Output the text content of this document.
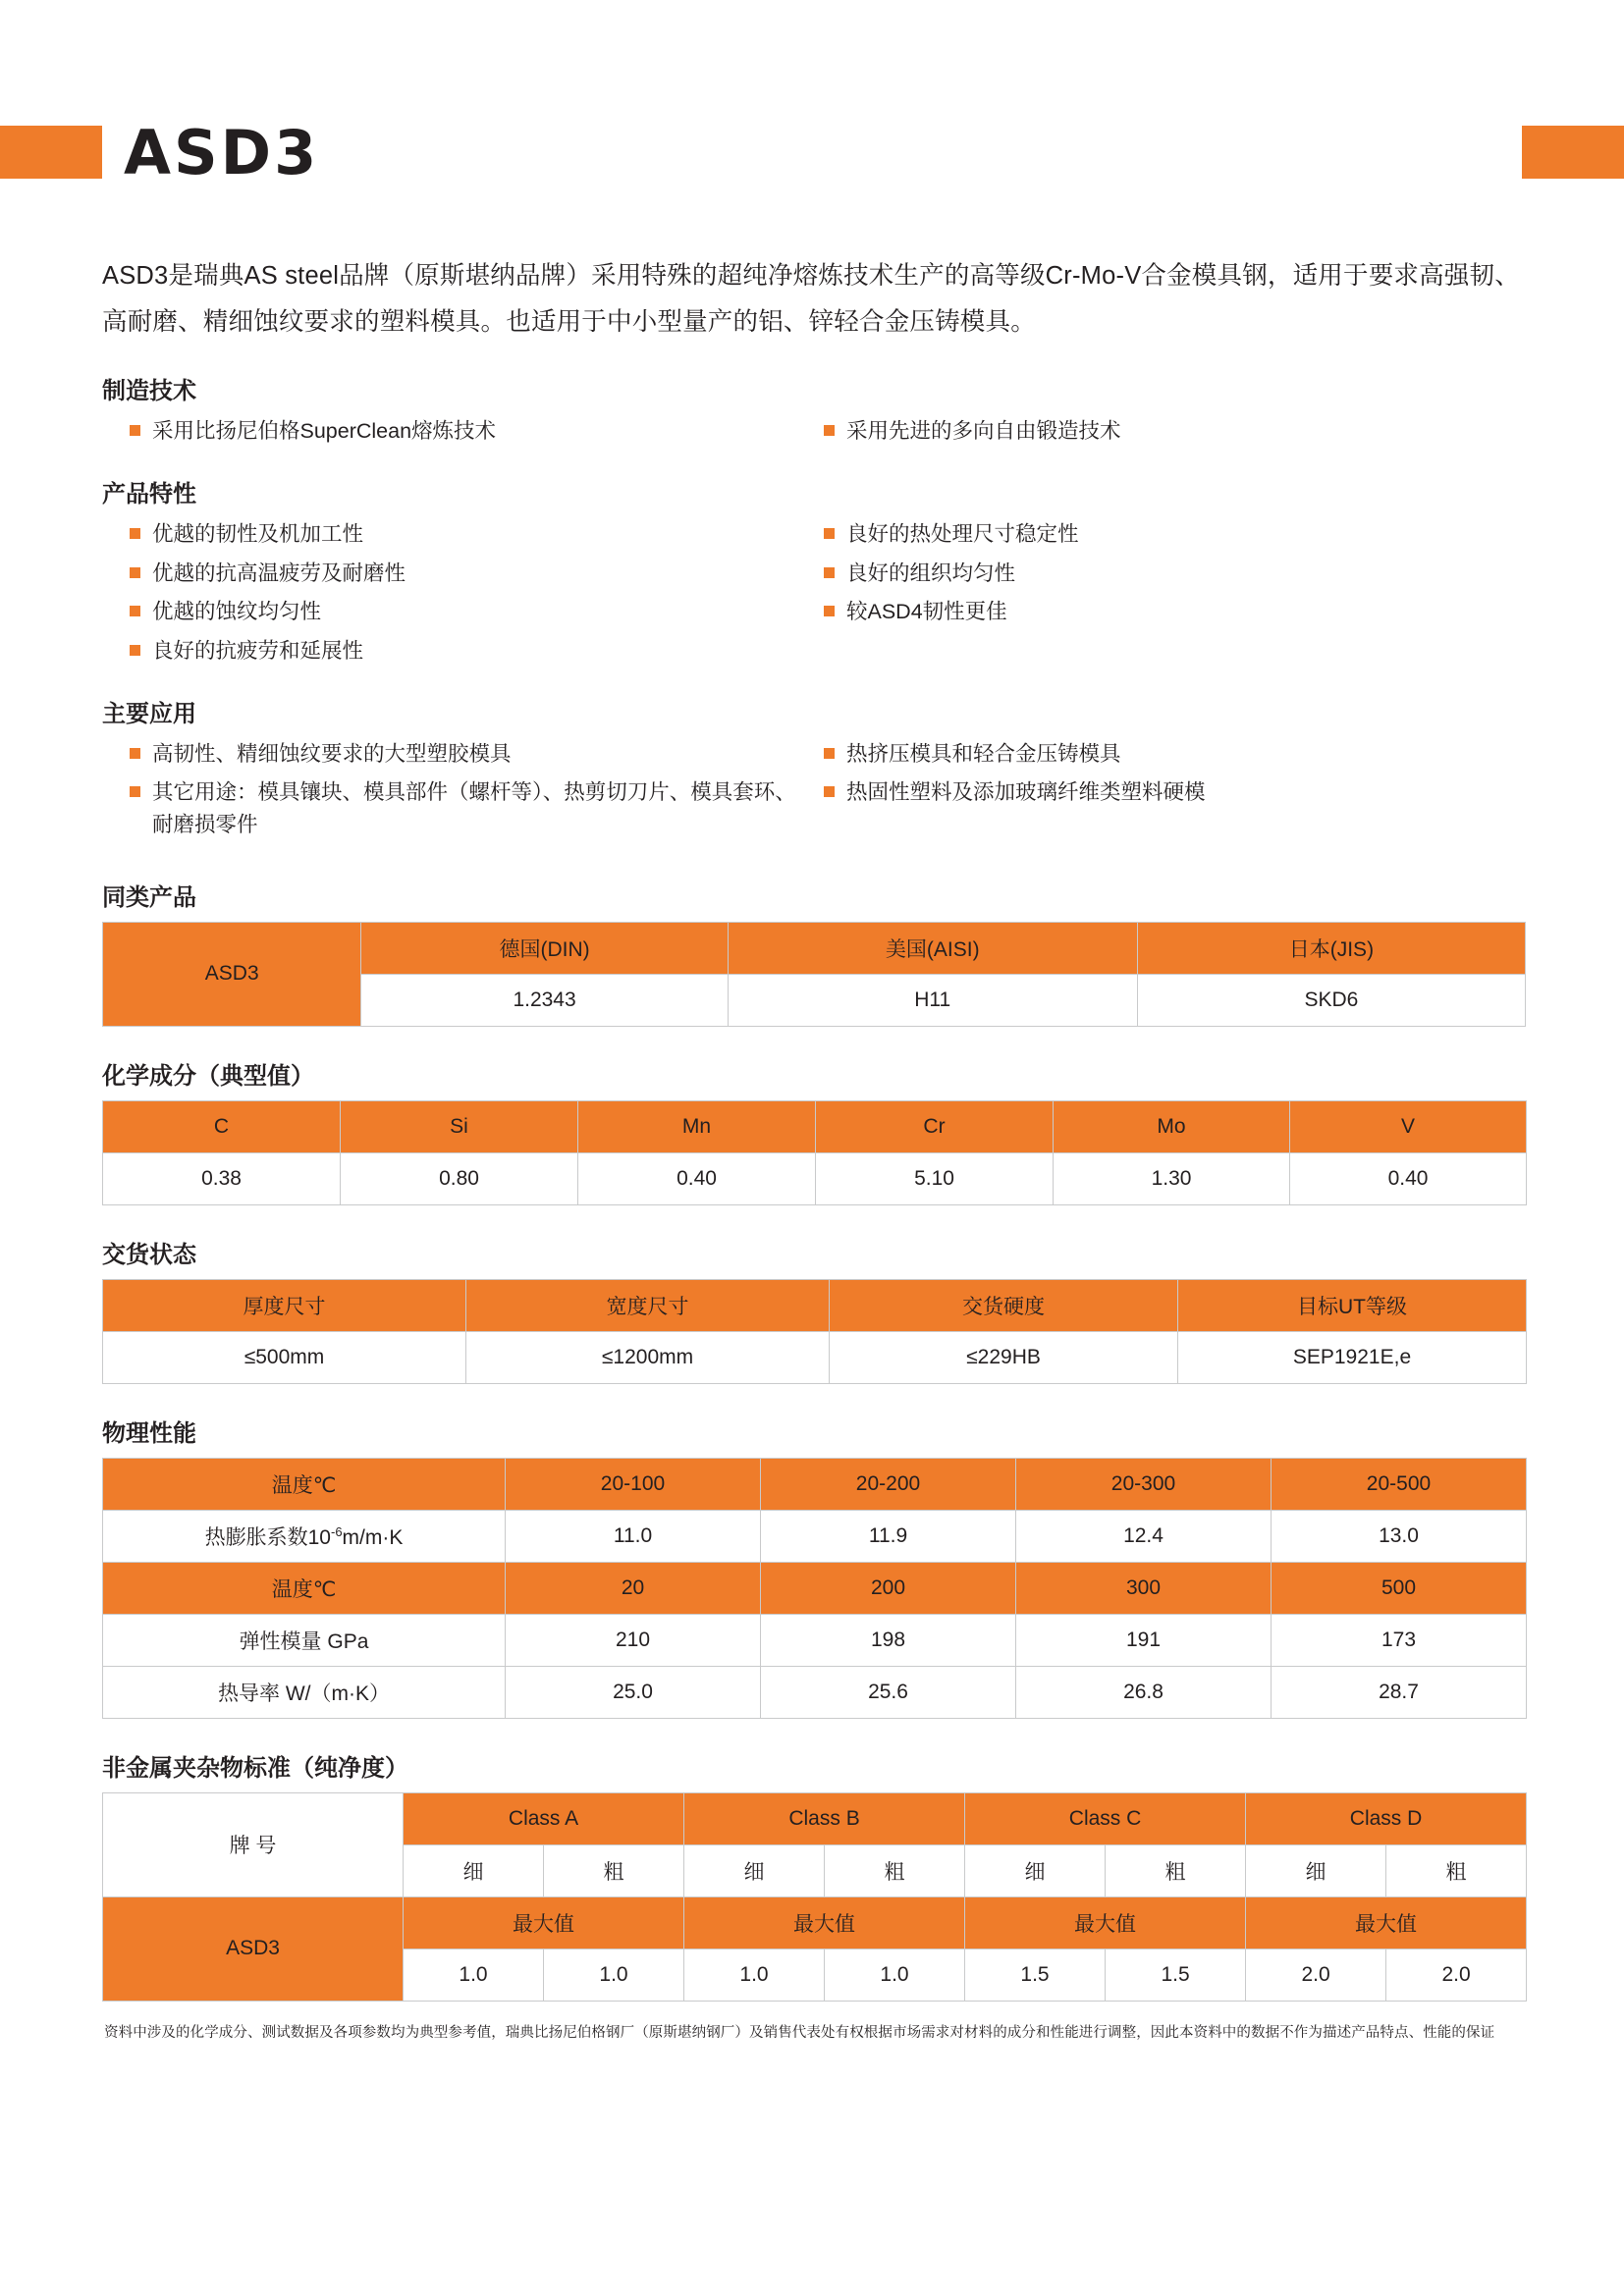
ASD3

ASD3是瑞典AS steel品牌（原斯堪纳品牌）采用特殊的超纯净熔炼技术生产的高等级Cr-Mo-V合金模具钢，适用于要求高强韧、高耐磨、精细蚀纹要求的塑料模具。也适用于中小型量产的铝、锌轻合金压铸模具。

制造技术
采用比扬尼伯格SuperClean熔炼技术	采用先进的多向自由锻造技术
产品特性
优越的韧性及机加工性
优越的抗高温疲劳及耐磨性
优越的蚀纹均匀性
良好的抗疲劳和延展性
良好的热处理尺寸稳定性
良好的组织均匀性
较ASD4韧性更佳
主要应用
高韧性、精细蚀纹要求的大型塑胶模具
其它用途：模具镶块、模具部件（螺杆等）、热剪切刀片、模具套环、耐磨损零件
热挤压模具和轻合金压铸模具
热固性塑料及添加玻璃纤维类塑料硬模
同类产品
ASD3	德国(DIN)	美国(AISI)	日本(JIS)
	1.2343	H11	SKD6
化学成分（典型值）
C	Si	Mn	Cr	Mo	V
0.38	0.80	0.40	5.10	1.30	0.40
交货状态
厚度尺寸	宽度尺寸	交货硬度	目标UT等级
≤500mm	≤1200mm	≤229HB	SEP1921E,e
物理性能
温度℃	20-100	20-200	20-300	20-500
热膨胀系数$10^{-6}m/m\cdot K$	11.0	11.9	12.4	13.0
温度℃	20	200	300	500
弹性模量 GPa	210	198	191	173
热导率 W/（m·K）	25.0	25.6	26.8	28.7
非金属夹杂物标准（纯净度）
牌 号	Class A		Class B		Class C		Class D	
	细	粗	细	粗	细	粗	细	粗
ASD3	最大值		最大值		最大值		最大值	
	1.0	1.0	1.0	1.0	1.5	1.5	2.0	2.0
资料中涉及的化学成分、测试数据及各项参数均为典型参考值，瑞典比扬尼伯格钢厂（原斯堪纳钢厂）及销售代表处有权根据市场需求对材料的成分和性能进行调整，因此本资料中的数据不作为描述产品特点、性能的保证
